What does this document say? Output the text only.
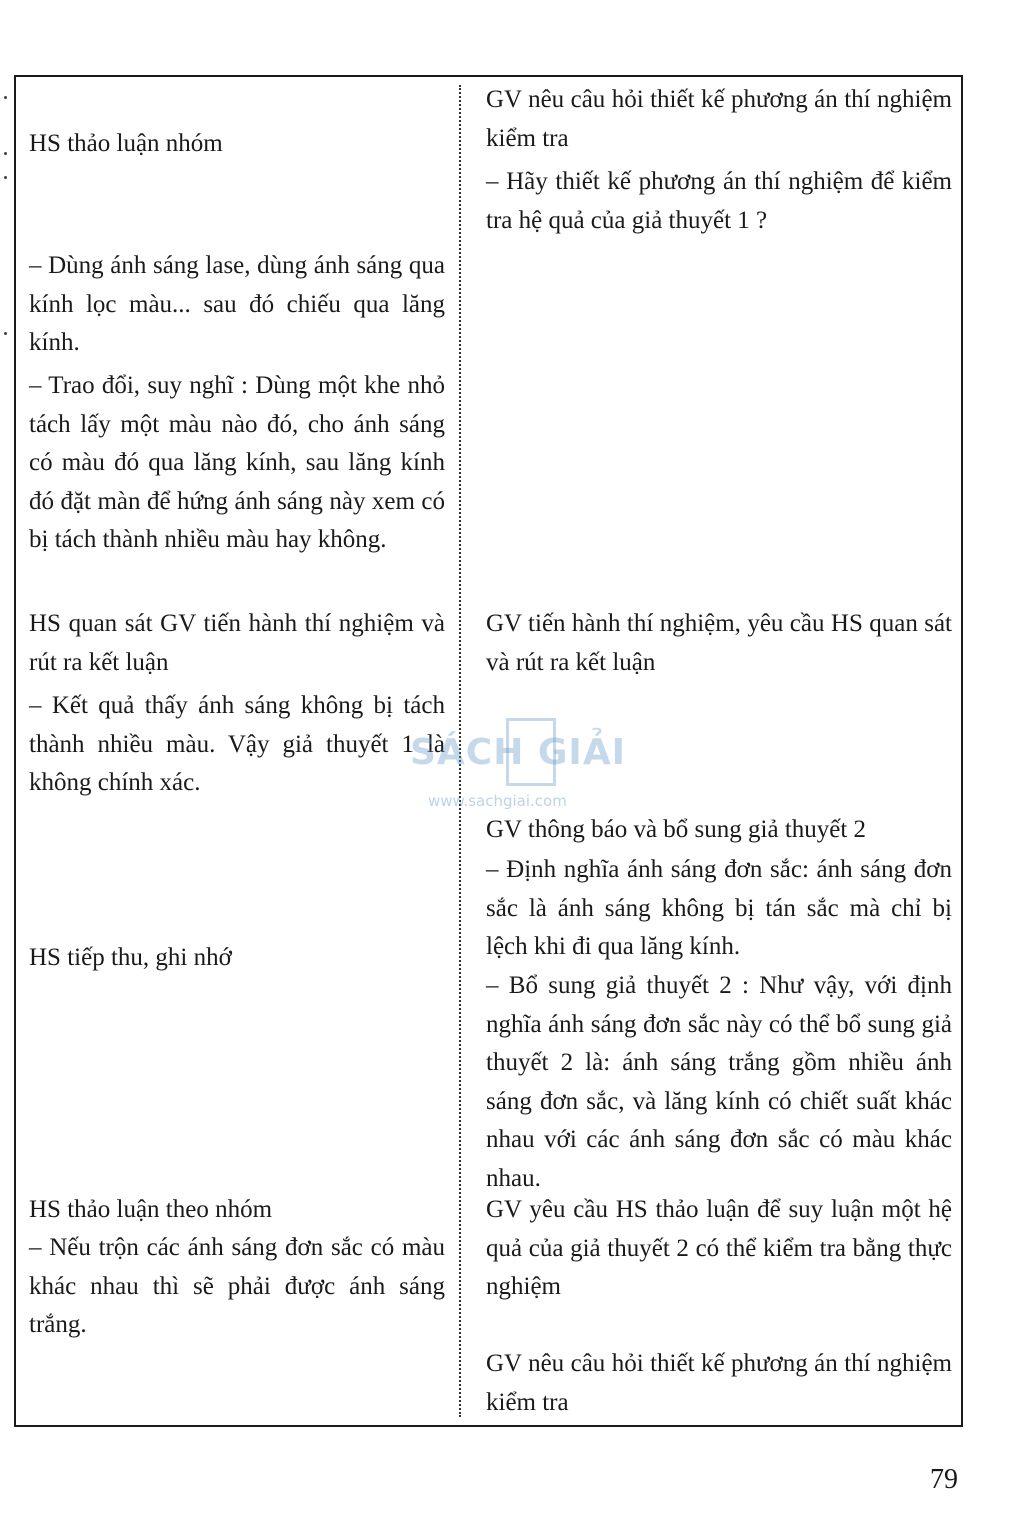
HS thảo luận nhóm

– Dùng ánh sáng lase, dùng ánh sáng qua kính lọc màu... sau đó chiếu qua lăng kính.

– Trao đổi, suy nghĩ : Dùng một khe nhỏ tách lấy một màu nào đó, cho ánh sáng có màu đó qua lăng kính, sau lăng kính đó đặt màn để hứng ánh sáng này xem có bị tách thành nhiều màu hay không.

HS quan sát GV tiến hành thí nghiệm và rút ra kết luận

– Kết quả thấy ánh sáng không bị tách thành nhiều màu. Vậy giả thuyết 1 là không chính xác.

HS tiếp thu, ghi nhớ

HS thảo luận theo nhóm

– Nếu trộn các ánh sáng đơn sắc có màu khác nhau thì sẽ phải được ánh sáng trắng.

GV nêu câu hỏi thiết kế phương án thí nghiệm kiểm tra

– Hãy thiết kế phương án thí nghiệm để kiểm tra hệ quả của giả thuyết 1 ?

GV tiến hành thí nghiệm, yêu cầu HS quan sát và rút ra kết luận

GV thông báo và bổ sung giả thuyết 2

– Định nghĩa ánh sáng đơn sắc: ánh sáng đơn sắc là ánh sáng không bị tán sắc mà chỉ bị lệch khi đi qua lăng kính.

– Bổ sung giả thuyết 2 : Như vậy, với định nghĩa ánh sáng đơn sắc này có thể bổ sung giả thuyết 2 là: ánh sáng trắng gồm nhiều ánh sáng đơn sắc, và lăng kính có chiết suất khác nhau với các ánh sáng đơn sắc có màu khác nhau.

GV yêu cầu HS thảo luận để suy luận một hệ quả của giả thuyết 2 có thể kiểm tra bằng thực nghiệm

GV nêu câu hỏi thiết kế phương án thí nghiệm kiểm tra

SÁCH GIẢI
www.sachgiai.com
79
